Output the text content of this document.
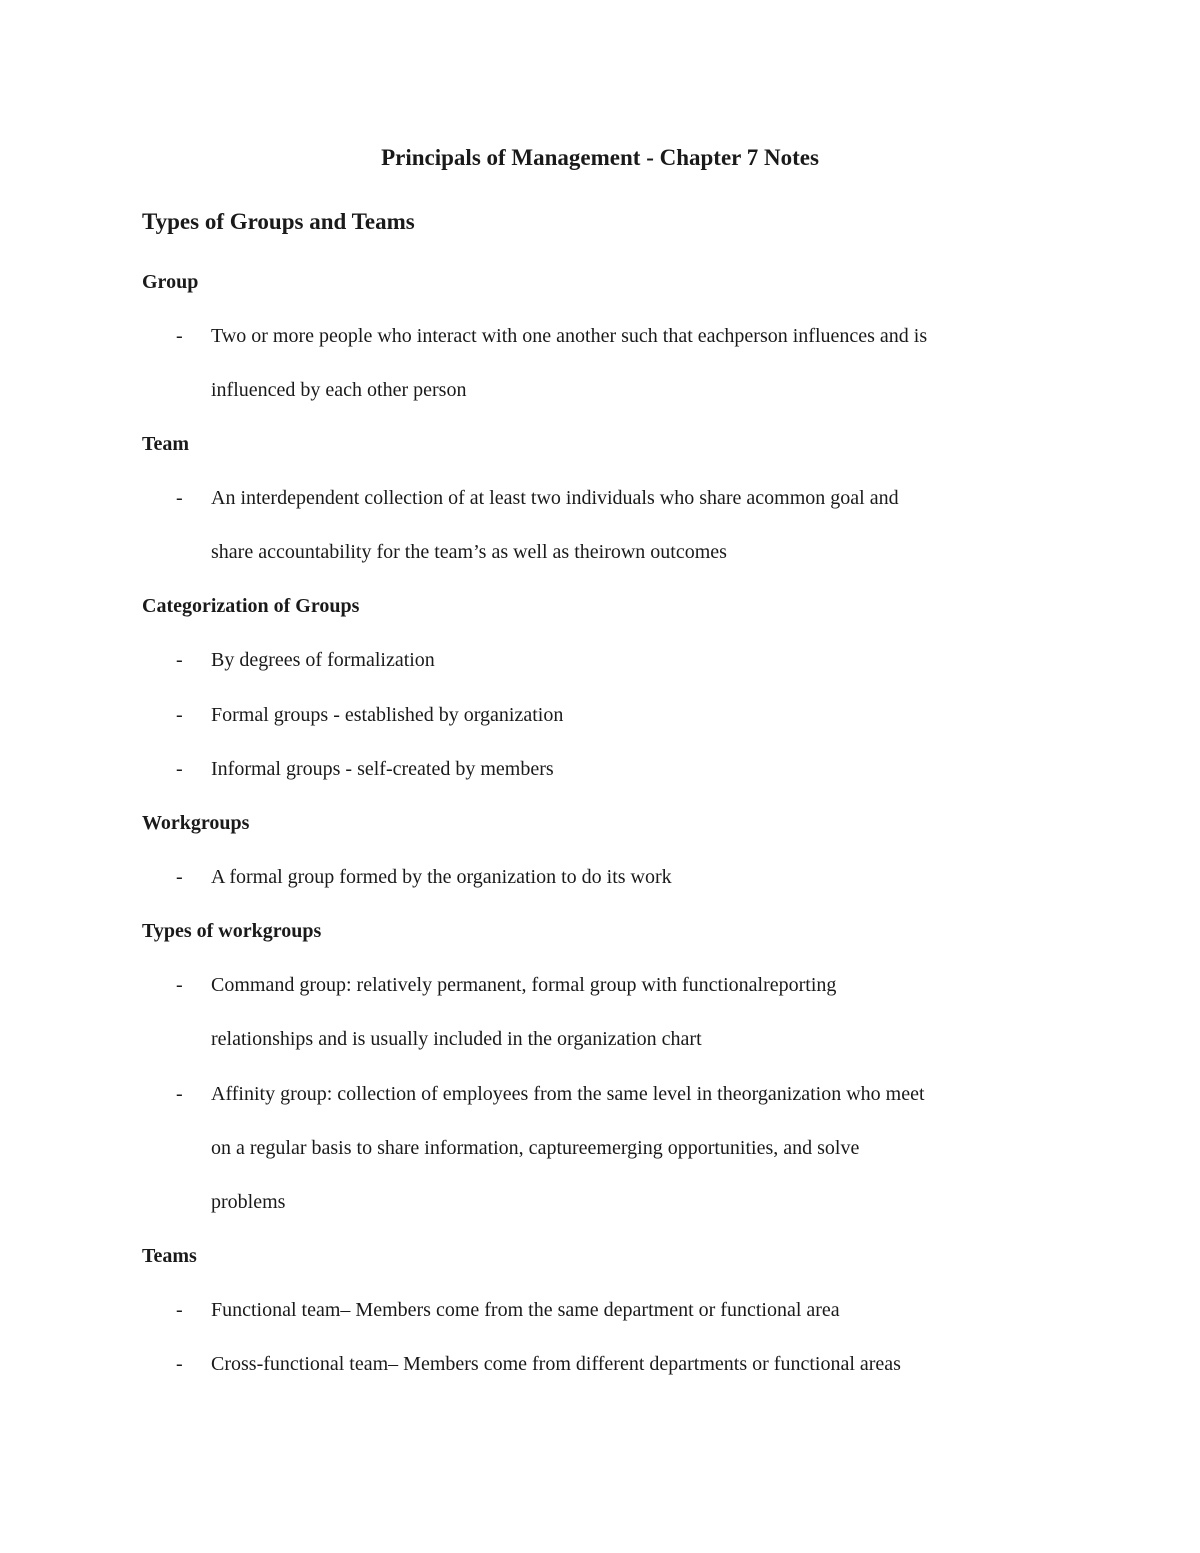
Principals of Management - Chapter 7 Notes
Types of Groups and Teams
Group
- Two or more people who interact with one another such that eachperson influences and is
influenced by each other person
Team
- An interdependent collection of at least two individuals who share acommon goal and
share accountability for the team’s as well as theirown outcomes
Categorization of Groups
- By degrees of formalization
- Formal groups - established by organization
- Informal groups - self-created by members
Workgroups
- A formal group formed by the organization to do its work
Types of workgroups
- Command group: relatively permanent, formal group with functionalreporting
relationships and is usually included in the organization chart
- Affinity group: collection of employees from the same level in theorganization who meet
on a regular basis to share information, captureemerging opportunities, and solve
problems
Teams
- Functional team– Members come from the same department or functional area
- Cross-functional team– Members come from different departments or functional areas
